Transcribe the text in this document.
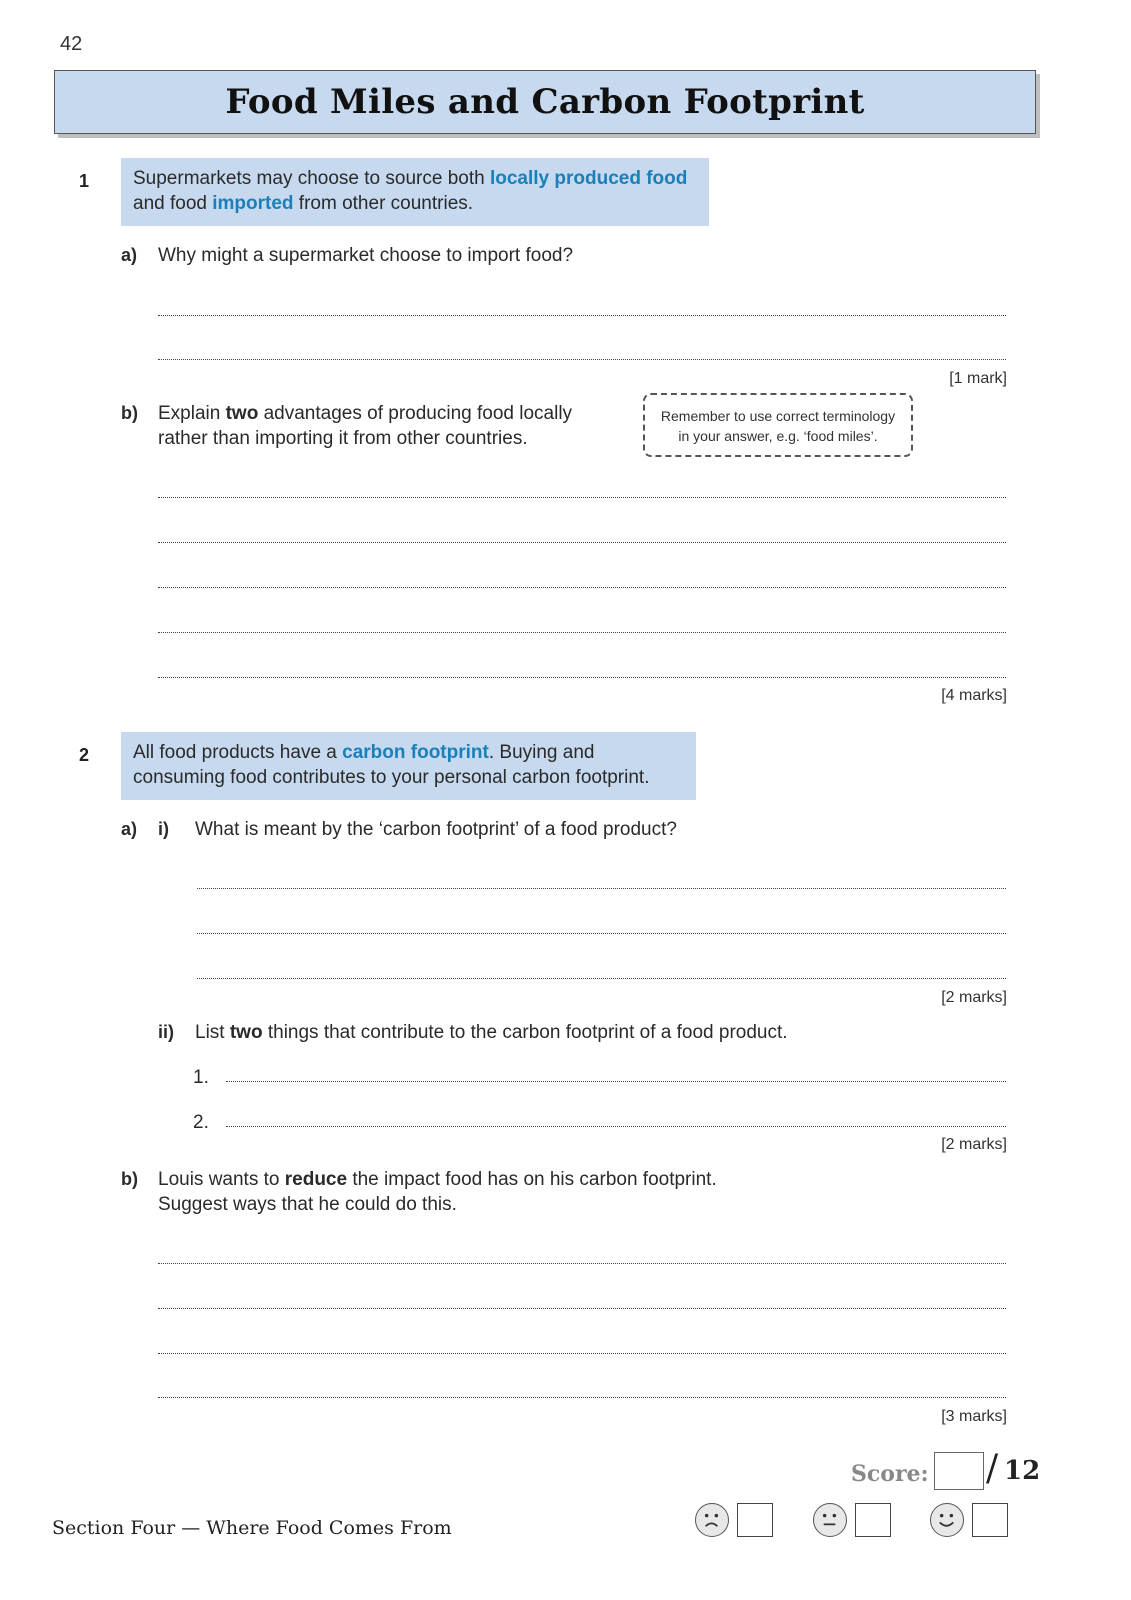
42
Food Miles and Carbon Footprint
1 Supermarkets may choose to source both locally produced food
and food imported from other countries.
a) Why might a supermarket choose to import food?
[1 mark]
b) Explain two advantages of producing food locally
rather than importing it from other countries.
Remember to use correct terminology
in your answer, e.g. ‘food miles’.
[4 marks]
2 All food products have a carbon footprint. Buying and
consuming food contributes to your personal carbon footprint.
a) i) What is meant by the ‘carbon footprint’ of a food product?
[2 marks]
ii) List two things that contribute to the carbon footprint of a food product.
1.
2.
[2 marks]
b) Louis wants to reduce the impact food has on his carbon footprint.
Suggest ways that he could do this.
[3 marks]
Score: / 12
Section Four — Where Food Comes From
